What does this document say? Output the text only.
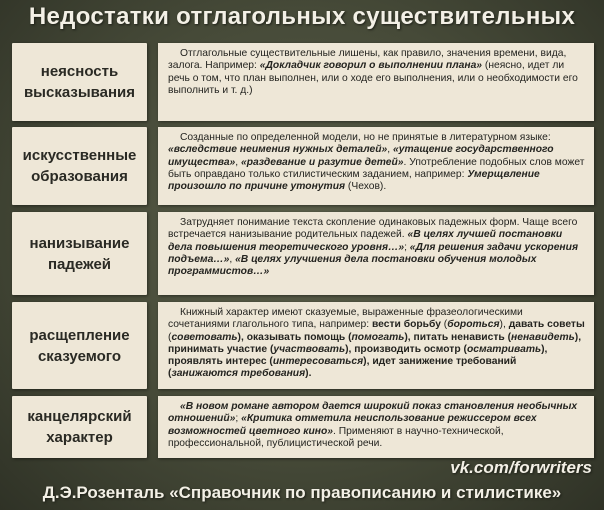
Недостатки отглагольных существительных
неясность
высказывания

Отглагольные существительные лишены, как правило, значения времени, вида, залога. Например: «Докладчик говорил о выполнении плана» (неясно, идет ли речь о том, что план выполнен, или о ходе его выполнения, или о необходимости его выполнить и т. д.)

искусственные
образования

Созданные по определенной модели, но не принятые в литературном языке: «вследствие неимения нужных деталей», «утащение государственного имущества», «раздевание и разутие детей». Употребление подобных слов может быть оправдано только стилистическим заданием, например: Умерщвление произошло по причине утонутия (Чехов).

нанизывание
падежей

Затрудняет понимание текста скопление одинаковых падежных форм. Чаще всего встречается нанизывание родительных падежей. «В целях лучшей постановки дела повышения теоретического уровня…»; «Для решения задачи ускорения подъема…», «В целях улучшения дела постановки обучения молодых программистов…»

расщепление
сказуемого

Книжный характер имеют сказуемые, выраженные фразеологическими сочетаниями глагольного типа, например: вести борьбу (бороться), давать советы (советовать), оказывать помощь (помогать), питать ненависть (ненавидеть), принимать участие (участвовать), производить осмотр (осматривать), проявлять интерес (интересоваться), идет занижение требований (занижаются требования).

канцелярский
характер

«В новом романе автором дается широкий показ становления необычных отношений»; «Критика отметила неиспользование режиссером всех возможностей цветного кино». Применяют в научно-технической, профессиональной, публицистической речи.

vk.com/forwriters
Д.Э.Розенталь «Справочник по правописанию и стилистике»
